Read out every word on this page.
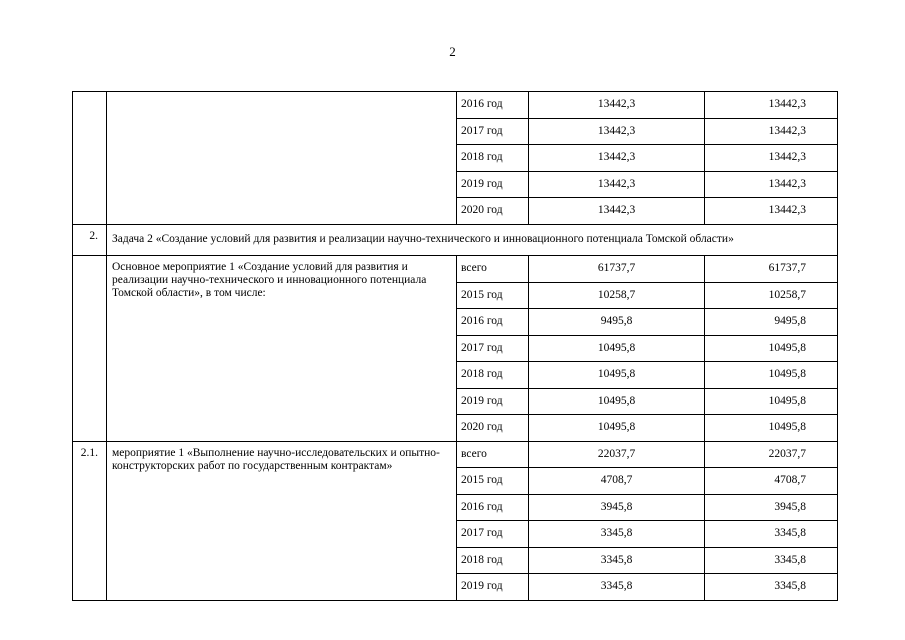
2
		2016 год	13442,3	13442,3
		2017 год	13442,3	13442,3
		2018 год	13442,3	13442,3
		2019 год	13442,3	13442,3
		2020 год	13442,3	13442,3
2.	Задача 2 «Создание условий для развития и реализации научно-технического и инновационного потенциала Томской области»			
	Основное мероприятие 1 «Создание условий для развития и реализации научно-технического и инновационного потенциала Томской области», в том числе:	всего	61737,7	61737,7
		2015 год	10258,7	10258,7
		2016 год	9495,8	9495,8
		2017 год	10495,8	10495,8
		2018 год	10495,8	10495,8
		2019 год	10495,8	10495,8
		2020 год	10495,8	10495,8
2.1.	мероприятие 1 «Выполнение научно-исследовательских и опытно-конструкторских работ по государственным контрактам»	всего	22037,7	22037,7
		2015 год	4708,7	4708,7
		2016 год	3945,8	3945,8
		2017 год	3345,8	3345,8
		2018 год	3345,8	3345,8
		2019 год	3345,8	3345,8
